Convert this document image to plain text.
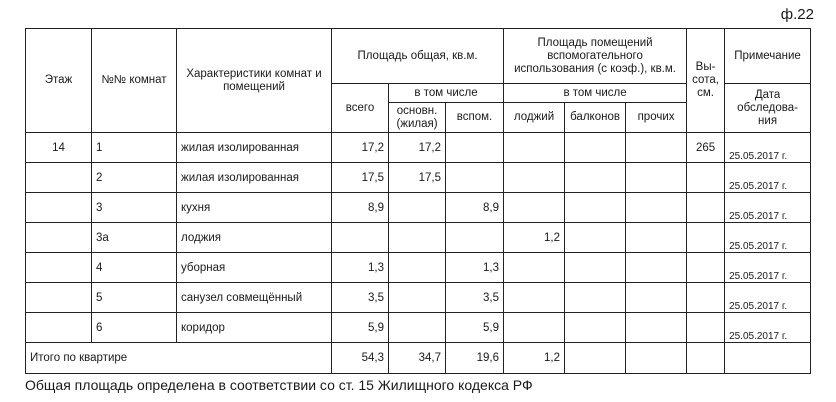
ф.22
Этаж	№№ комнат	Характеристики комнат и помещений	Площадь общая, кв.м.			Площадь помещений вспомогательного использования (с коэф.), кв.м.			Вы-сота, см.	Примечание
			всего	в том числе		в том числе				Дата обследова-ния
				основн. (жилая)	вспом.	лоджий	балконов	прочих		
14	1	жилая изолированная	17,2	17,2					265	25.05.2017 г.
	2	жилая изолированная	17,5	17,5						25.05.2017 г.
	3	кухня	8,9		8,9					25.05.2017 г.
	3а	лоджия				1,2				25.05.2017 г.
	4	уборная	1,3		1,3					25.05.2017 г.
	5	санузел совмещённый	3,5		3,5					25.05.2017 г.
	6	коридор	5,9		5,9					25.05.2017 г.
Итого по квартире			54,3	34,7	19,6	1,2				
Общая площадь определена в соответствии со ст. 15 Жилищного кодекса РФ
